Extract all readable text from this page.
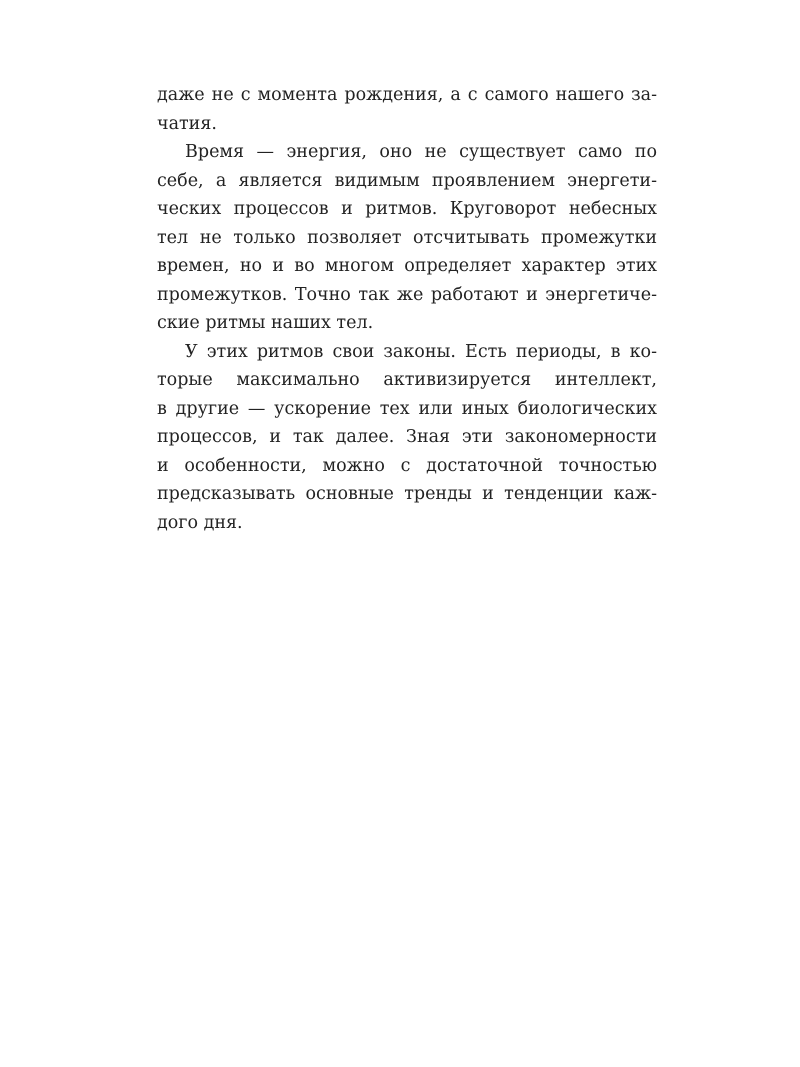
даже не с момента рождения, а с самого нашего за-
чатия.
Время — энергия, оно не существует само по
себе, а является видимым проявлением энергети-
ческих процессов и ритмов. Круговорот небесных
тел не только позволяет отсчитывать промежутки
времен, но и во многом определяет характер этих
промежутков. Точно так же работают и энергетиче-
ские ритмы наших тел.
У этих ритмов свои законы. Есть периоды, в ко-
торые максимально активизируется интеллект,
в другие — ускорение тех или иных биологических
процессов, и так далее. Зная эти закономерности
и особенности, можно с достаточной точностью
предсказывать основные тренды и тенденции каж-
дого дня.
